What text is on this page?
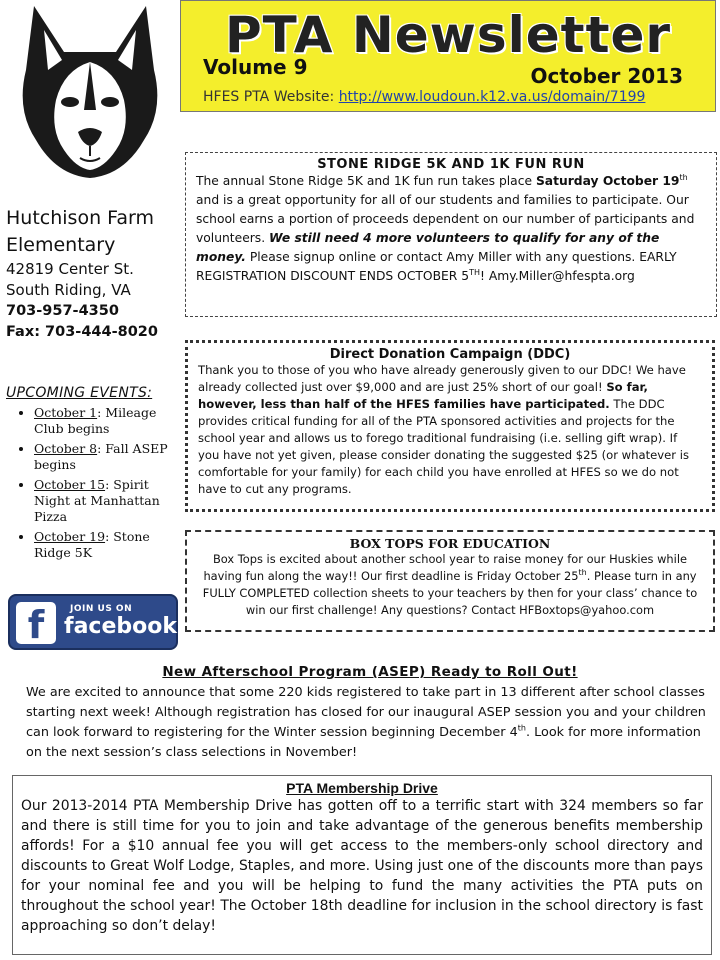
PTA Newsletter
Volume 9	October 2013
HFES PTA Website: http://www.loudoun.k12.va.us/domain/7199
Hutchison Farm
Elementary
42819 Center St.
South Riding, VA
703-957-4350
Fax: 703-444-8020
UPCOMING EVENTS:
• October 1: Mileage Club begins
• October 8: Fall ASEP begins
• October 15: Spirit Night at Manhattan Pizza
• October 19: Stone Ridge 5K
f	JOIN US ON
facebook
STONE RIDGE 5K AND 1K FUN RUN

The annual Stone Ridge 5K and 1K fun run takes place Saturday October 19th and is a great opportunity for all of our students and families to participate. Our school earns a portion of proceeds dependent on our number of participants and volunteers. We still need 4 more volunteers to qualify for any of the money. Please signup online or contact Amy Miller with any questions. EARLY REGISTRATION DISCOUNT ENDS OCTOBER 5TH! Amy.Miller@hfespta.org

Direct Donation Campaign (DDC)

Thank you to those of you who have already generously given to our DDC! We have already collected just over $9,000 and are just 25% short of our goal! So far, however, less than half of the HFES families have participated. The DDC provides critical funding for all of the PTA sponsored activities and projects for the school year and allows us to forego traditional fundraising (i.e. selling gift wrap). If you have not yet given, please consider donating the suggested $25 (or whatever is comfortable for your family) for each child you have enrolled at HFES so we do not have to cut any programs.

BOX TOPS FOR EDUCATION

Box Tops is excited about another school year to raise money for our Huskies while having fun along the way!! Our first deadline is Friday October 25th. Please turn in any FULLY COMPLETED collection sheets to your teachers by then for your class’ chance to win our first challenge! Any questions? Contact HFBoxtops@yahoo.com

New Afterschool Program (ASEP) Ready to Roll Out!

We are excited to announce that some 220 kids registered to take part in 13 different after school classes starting next week! Although registration has closed for our inaugural ASEP session you and your children can look forward to registering for the Winter session beginning December 4th. Look for more information on the next session’s class selections in November!

PTA Membership Drive

Our 2013-2014 PTA Membership Drive has gotten off to a terrific start with 324 members so far and there is still time for you to join and take advantage of the generous benefits membership affords! For a $10 annual fee you will get access to the members-only school directory and discounts to Great Wolf Lodge, Staples, and more. Using just one of the discounts more than pays for your nominal fee and you will be helping to fund the many activities the PTA puts on throughout the school year! The October 18th deadline for inclusion in the school directory is fast approaching so don’t delay!
